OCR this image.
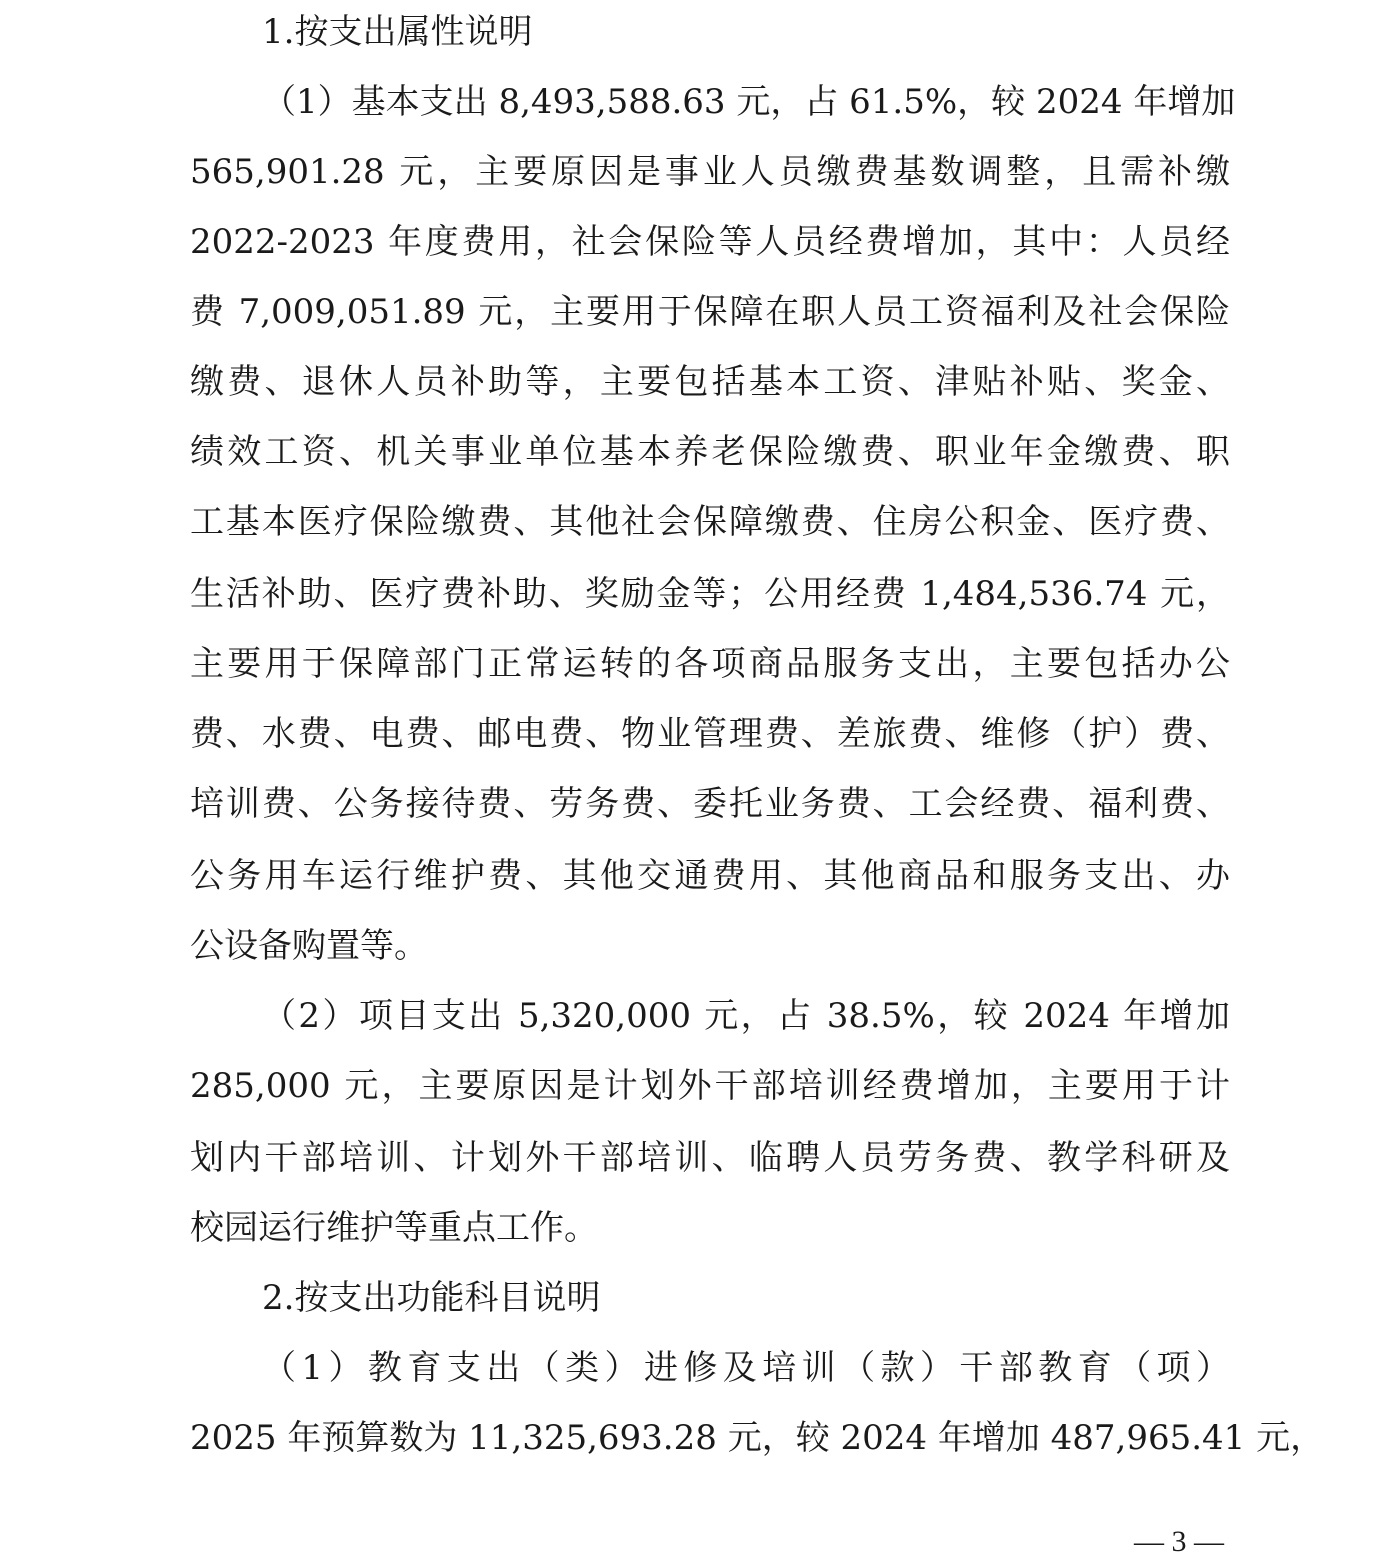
1.按支出属性说明
（1）基本支出 8,493,588.63 元，占 61.5%，较 2024 年增加
565,901.28 元，主要原因是事业人员缴费基数调整，且需补缴
2022-2023 年度费用，社会保险等人员经费增加，其中：人员经
费 7,009,051.89 元，主要用于保障在职人员工资福利及社会保险
缴费、退休人员补助等，主要包括基本工资、津贴补贴、奖金、
绩效工资、机关事业单位基本养老保险缴费、职业年金缴费、职
工基本医疗保险缴费、其他社会保障缴费、住房公积金、医疗费、
生活补助、医疗费补助、奖励金等；公用经费 1,484,536.74 元，
主要用于保障部门正常运转的各项商品服务支出，主要包括办公
费、水费、电费、邮电费、物业管理费、差旅费、维修（护）费、
培训费、公务接待费、劳务费、委托业务费、工会经费、福利费、
公务用车运行维护费、其他交通费用、其他商品和服务支出、办
公设备购置等。
（2）项目支出 5,320,000 元，占 38.5%，较 2024 年增加
285,000 元，主要原因是计划外干部培训经费增加，主要用于计
划内干部培训、计划外干部培训、临聘人员劳务费、教学科研及
校园运行维护等重点工作。
2.按支出功能科目说明
（1）教育支出（类）进修及培训（款）干部教育（项）
2025 年预算数为 11,325,693.28 元，较 2024 年增加 487,965.41 元，
— 3 —
